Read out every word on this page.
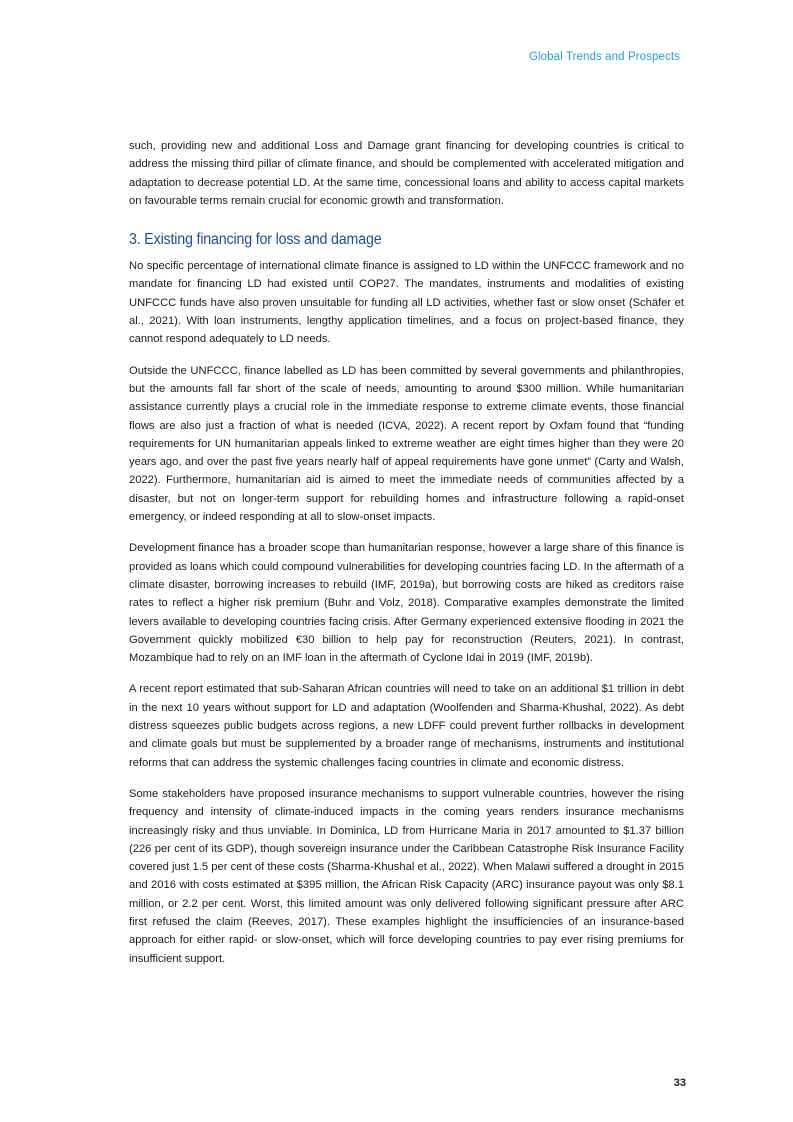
Global Trends and Prospects

such, providing new and additional Loss and Damage grant financing for developing countries is critical to address the missing third pillar of climate finance, and should be complemented with accelerated mitigation and adaptation to decrease potential LD. At the same time, concessional loans and ability to access capital markets on favourable terms remain crucial for economic growth and transformation.

3. Existing financing for loss and damage

No specific percentage of international climate finance is assigned to LD within the UNFCCC framework and no mandate for financing LD had existed until COP27. The mandates, instruments and modalities of existing UNFCCC funds have also proven unsuitable for funding all LD activities, whether fast or slow onset (Schäfer et al., 2021). With loan instruments, lengthy application timelines, and a focus on project-based finance, they cannot respond adequately to LD needs.

Outside the UNFCCC, finance labelled as LD has been committed by several governments and philanthropies, but the amounts fall far short of the scale of needs, amounting to around $300 million. While humanitarian assistance currently plays a crucial role in the immediate response to extreme climate events, those financial flows are also just a fraction of what is needed (ICVA, 2022). A recent report by Oxfam found that “funding requirements for UN humanitarian appeals linked to extreme weather are eight times higher than they were 20 years ago, and over the past five years nearly half of appeal requirements have gone unmet” (Carty and Walsh, 2022). Furthermore, humanitarian aid is aimed to meet the immediate needs of communities affected by a disaster, but not on longer-term support for rebuilding homes and infrastructure following a rapid-onset emergency, or indeed responding at all to slow-onset impacts.

Development finance has a broader scope than humanitarian response, however a large share of this finance is provided as loans which could compound vulnerabilities for developing countries facing LD. In the aftermath of a climate disaster, borrowing increases to rebuild (IMF, 2019a), but borrowing costs are hiked as creditors raise rates to reflect a higher risk premium (Buhr and Volz, 2018). Comparative examples demonstrate the limited levers available to developing countries facing crisis. After Germany experienced extensive flooding in 2021 the Government quickly mobilized €30 billion to help pay for reconstruction (Reuters, 2021). In contrast, Mozambique had to rely on an IMF loan in the aftermath of Cyclone Idai in 2019 (IMF, 2019b).

A recent report estimated that sub-Saharan African countries will need to take on an additional $1 trillion in debt in the next 10 years without support for LD and adaptation (Woolfenden and Sharma-Khushal, 2022). As debt distress squeezes public budgets across regions, a new LDFF could prevent further rollbacks in development and climate goals but must be supplemented by a broader range of mechanisms, instruments and institutional reforms that can address the systemic challenges facing countries in climate and economic distress.

Some stakeholders have proposed insurance mechanisms to support vulnerable countries, however the rising frequency and intensity of climate-induced impacts in the coming years renders insurance mechanisms increasingly risky and thus unviable. In Dominica, LD from Hurricane Maria in 2017 amounted to $1.37 billion (226 per cent of its GDP), though sovereign insurance under the Caribbean Catastrophe Risk Insurance Facility covered just 1.5 per cent of these costs (Sharma-Khushal et al., 2022). When Malawi suffered a drought in 2015 and 2016 with costs estimated at $395 million, the African Risk Capacity (ARC) insurance payout was only $8.1 million, or 2.2 per cent. Worst, this limited amount was only delivered following significant pressure after ARC first refused the claim (Reeves, 2017). These examples highlight the insufficiencies of an insurance-based approach for either rapid- or slow-onset, which will force developing countries to pay ever rising premiums for insufficient support.

33
